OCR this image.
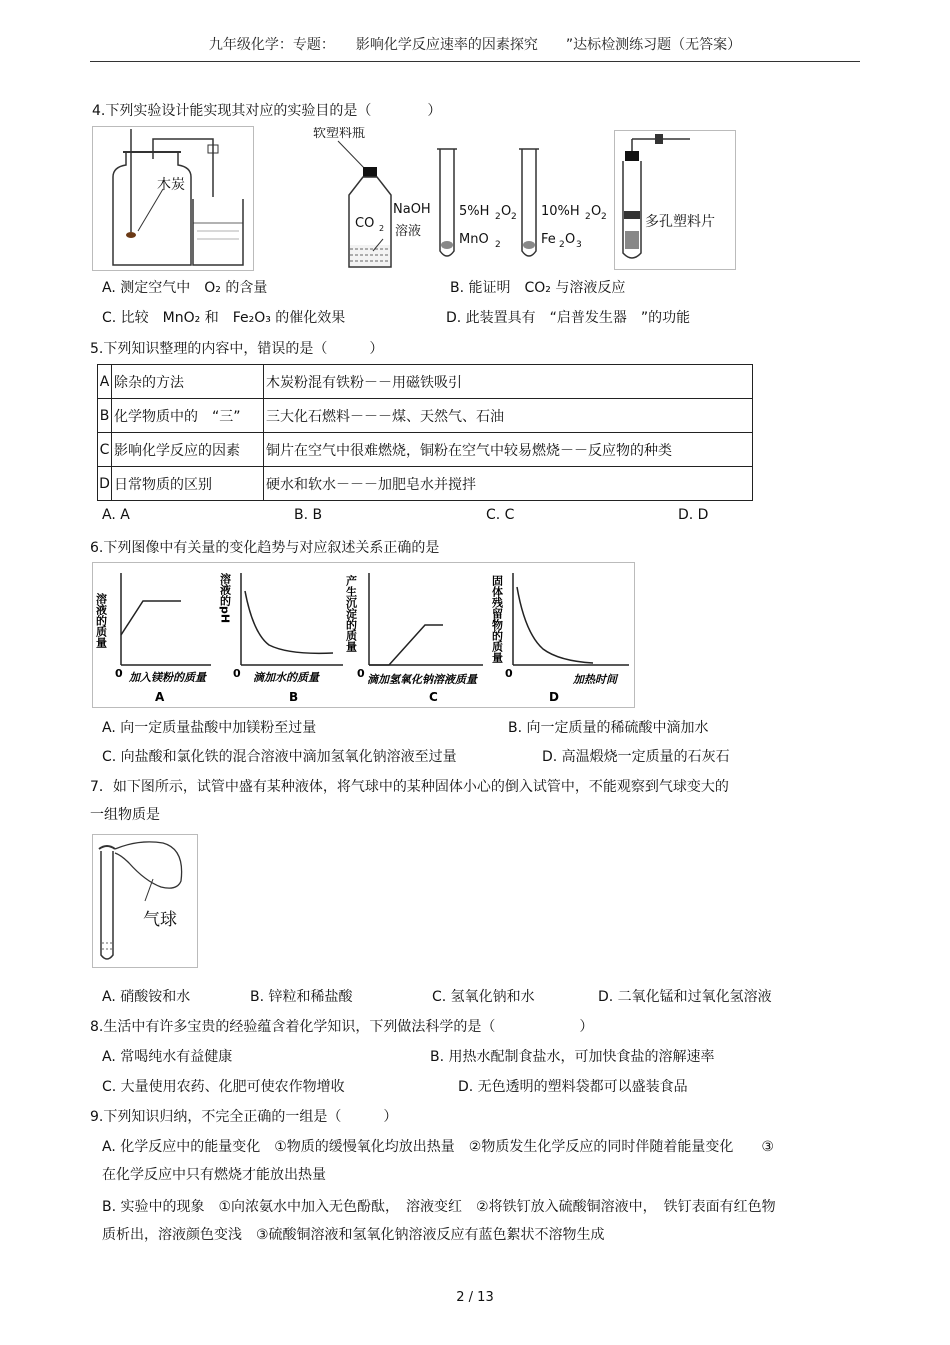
九年级化学：专题：　　影响化学反应速率的因素探究　　”达标检测练习题（无答案）
4.下列实验设计能实现其对应的实验目的是（　　　　）
木炭
软塑料瓶
CO 2
NaOH
溶液
5%H 2 O 2
MnO 2
10%H 2 O 2
Fe 2 O 3
多孔塑料片
A. 测定空气中　O₂ 的含量	B. 能证明　CO₂ 与溶液反应
C. 比较　MnO₂ 和　Fe₂O₃ 的催化效果	D. 此装置具有　“启普发生器　”的功能
5.下列知识整理的内容中，错误的是（　　　）
A	除杂的方法	木炭粉混有铁粉－－用磁铁吸引
B	化学物质中的　“三”	三大化石燃料－－－煤、天然气、石油
C	影响化学反应的因素	铜片在空气中很难燃烧，铜粉在空气中较易燃烧－－反应物的种类
D	日常物质的区别	硬水和软水－－－加肥皂水并搅拌
A. A	B. B	C. C	D. D
6.下列图像中有关量的变化趋势与对应叙述关系正确的是
溶液的质量
0 加入镁粉的质量
A
溶液的pH
0 滴加水的质量
B
产生沉淀的质量
0 滴加氢氧化钠溶液质量
C
固体残留物的质量
0	加热时间
D
A. 向一定质量盐酸中加镁粉至过量	B. 向一定质量的稀硫酸中滴加水
C. 向盐酸和氯化铁的混合溶液中滴加氢氧化钠溶液至过量	D. 高温煅烧一定质量的石灰石
7．如下图所示，试管中盛有某种液体，将气球中的某种固体小心的倒入试管中，不能观察到气球变大的
一组物质是
气球
A. 硝酸铵和水	B. 锌粒和稀盐酸	C. 氢氧化钠和水	D. 二氧化锰和过氧化氢溶液
8.生活中有许多宝贵的经验蕴含着化学知识，下列做法科学的是（　　　　　　）
A. 常喝纯水有益健康	B. 用热水配制食盐水，可加快食盐的溶解速率
C. 大量使用农药、化肥可使农作物增收	D. 无色透明的塑料袋都可以盛装食品
9.下列知识归纳，不完全正确的一组是（　　　）
A. 化学反应中的能量变化　①物质的缓慢氧化均放出热量　②物质发生化学反应的同时伴随着能量变化　　③
在化学反应中只有燃烧才能放出热量
B. 实验中的现象　①向浓氨水中加入无色酚酞，　溶液变红　②将铁钉放入硫酸铜溶液中，　铁钉表面有红色物
质析出，溶液颜色变浅　③硫酸铜溶液和氢氧化钠溶液反应有蓝色絮状不溶物生成
2 / 13
